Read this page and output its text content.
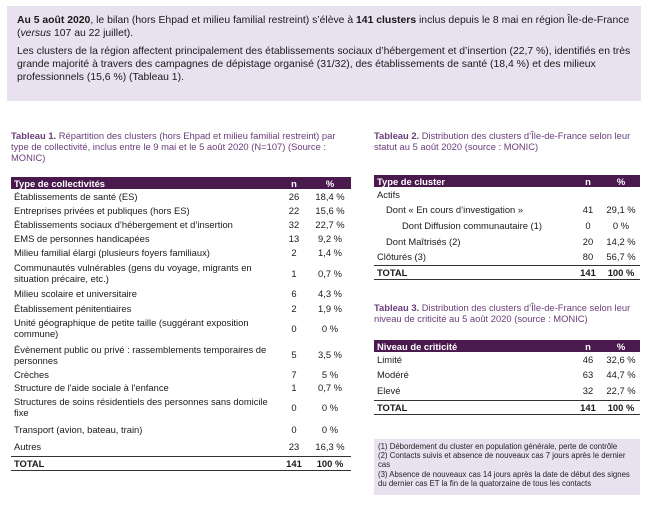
Au 5 août 2020, le bilan (hors Ehpad et milieu familial restreint) s’élève à 141 clusters inclus depuis le 8 mai en région Île-de-France (versus 107 au 22 juillet).

Les clusters de la région affectent principalement des établissements sociaux d’hébergement et d’insertion (22,7 %), identifiés en très grande majorité à travers des campagnes de dépistage organisé (31/32), des établissements de santé (18,4 %) et des milieux professionnels (15,6 %) (Tableau 1).

Tableau 1. Répartition des clusters (hors Ehpad et milieu familial restreint) par type de collectivité, inclus entre le 9 mai et le 5 août 2020 (N=107) (Source : MONIC)
Type de collectivités	n	%
Établissements de santé (ES)	26	18,4 %
Entreprises privées et publiques (hors ES)	22	15,6 %
Établissements sociaux d’hébergement et d’insertion	32	22,7 %
EMS de personnes handicapées	13	9,2 %
Milieu familial élargi (plusieurs foyers familiaux)	2	1,4 %
Communautés vulnérables (gens du voyage, migrants en situation précaire, etc.)	1	0,7 %
Milieu scolaire et universitaire	6	4,3 %
Établissement pénitentiaires	2	1,9 %
Unité géographique de petite taille (suggérant exposition commune)	0	0 %
Évènement public ou privé : rassemblements temporaires de personnes	5	3,5 %
Crèches	7	5 %
Structure de l'aide sociale à l'enfance	1	0,7 %
Structures de soins résidentiels des personnes sans domicile fixe	0	0 %
Transport (avion, bateau, train)	0	0 %
Autres	23	16,3 %
TOTAL	141	100 %
Tableau 2. Distribution des clusters d’Île-de-France selon leur statut au 5 août 2020 (source : MONIC)
Type de cluster	n	%
Actifs		
Dont « En cours d’investigation »	41	29,1 %
Dont Diffusion communautaire (1)	0	0 %
Dont Maîtrisés (2)	20	14,2 %
Clôturés (3)	80	56,7 %
TOTAL	141	100 %
Tableau 3. Distribution des clusters d’Île-de-France selon leur niveau de criticité au 5 août 2020 (source : MONIC)
Niveau de criticité	n	%
Limité	46	32,6 %
Modéré	63	44,7 %
Elevé	32	22,7 %
TOTAL	141	100 %
(1) Débordement du cluster en population générale, perte de contrôle
(2) Contacts suivis et absence de nouveaux cas 7 jours après le dernier cas
(3) Absence de nouveaux cas 14 jours après la date de début des signes du dernier cas ET la fin de la quatorzaine de tous les contacts
